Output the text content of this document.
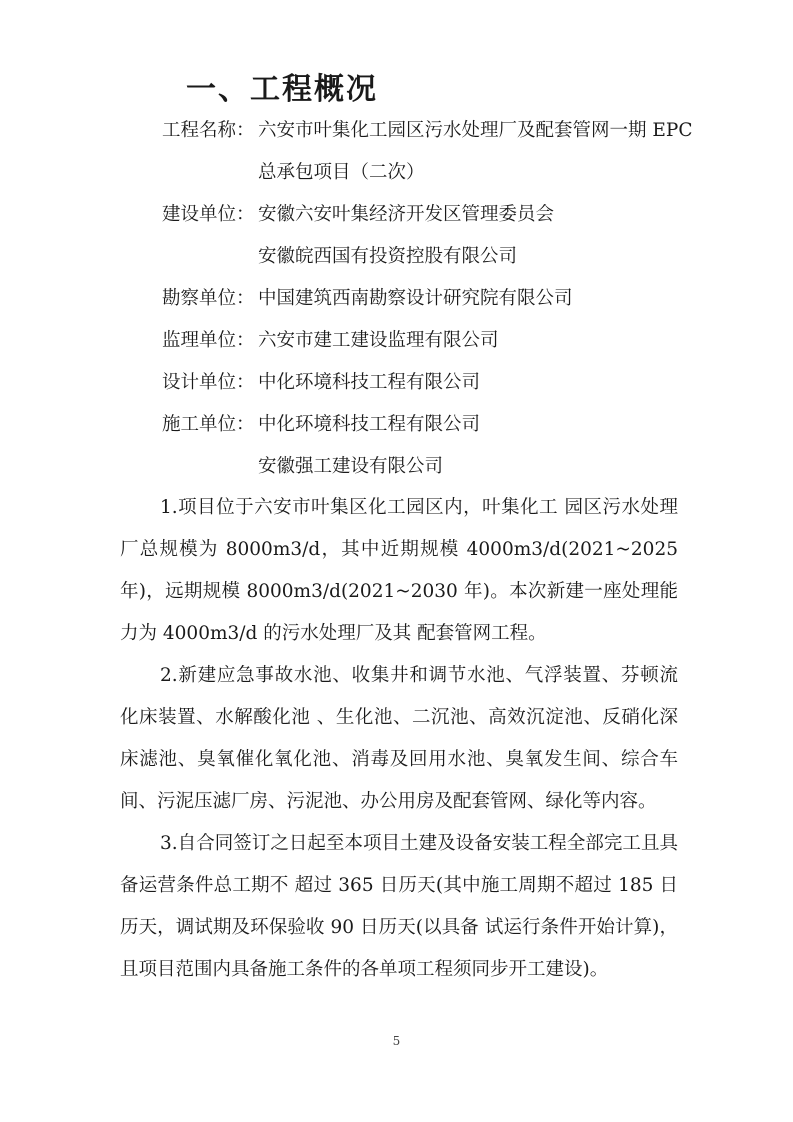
一、工程概况
工程名称： 六安市叶集化工园区污水处理厂及配套管网一期 EPC
总承包项目（二次）
建设单位： 安徽六安叶集经济开发区管理委员会
安徽皖西国有投资控股有限公司
勘察单位： 中国建筑西南勘察设计研究院有限公司
监理单位： 六安市建工建设监理有限公司
设计单位： 中化环境科技工程有限公司
施工单位： 中化环境科技工程有限公司
安徽强工建设有限公司

1.项目位于六安市叶集区化工园区内，叶集化工 园区污水处理厂总规模为 8000m3/d，其中近期规模 4000m3/d(2021~2025 年)，远期规模 8000m3/d(2021~2030 年)。本次新建一座处理能力为 4000m3/d 的污水处理厂及其 配套管网工程。

2.新建应急事故水池、收集井和调节水池、气浮装置、芬顿流 化床装置、水解酸化池 、生化池、二沉池、高效沉淀池、反硝化深床滤池、臭氧催化氧化池、消毒及回用水池、臭氧发生间、综合车间、污泥压滤厂房、污泥池、办公用房及配套管网、绿化等内容。

3.自合同签订之日起至本项目土建及设备安装工程全部完工且具备运营条件总工期不 超过 365 日历天(其中施工周期不超过 185 日历天，调试期及环保验收 90 日历天(以具备 试运行条件开始计算)，且项目范围内具备施工条件的各单项工程须同步开工建设)。

5
